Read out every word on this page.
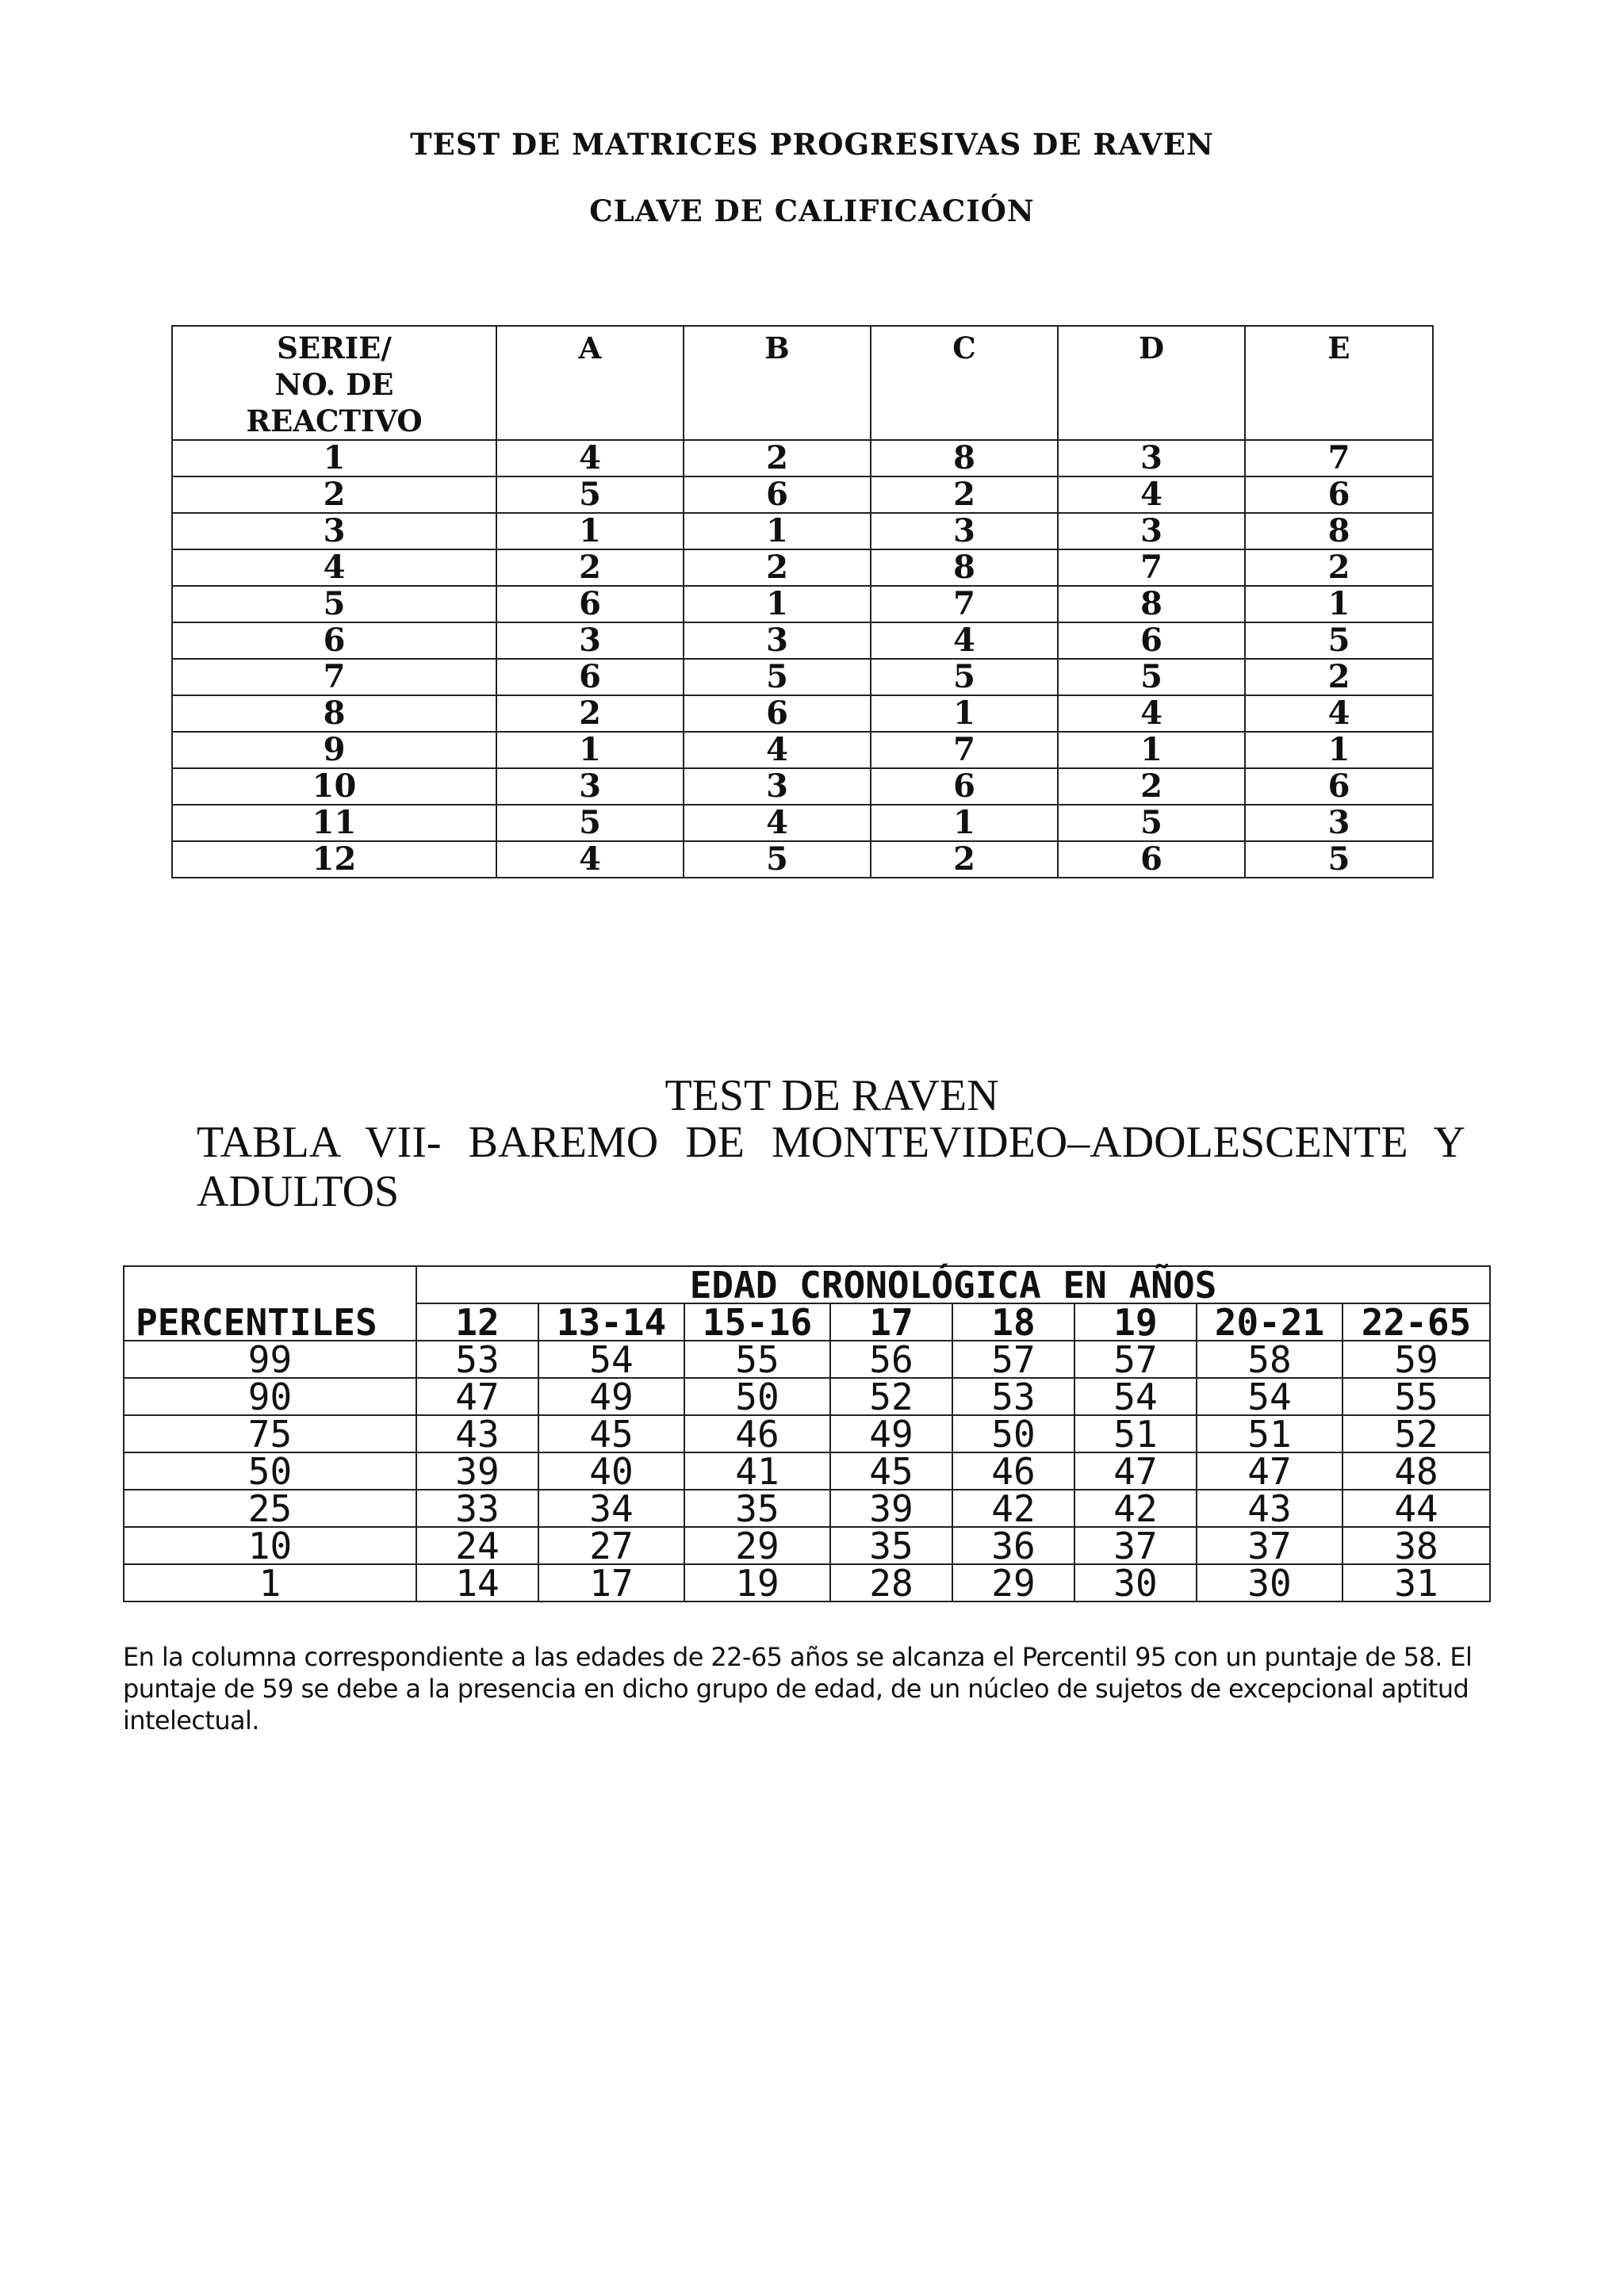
TEST DE MATRICES PROGRESIVAS DE RAVEN
CLAVE DE CALIFICACIÓN
SERIE/
NO. DE
REACTIVO	A	B	C	D	E
1	4	2	8	3	7
2	5	6	2	4	6
3	1	1	3	3	8
4	2	2	8	7	2
5	6	1	7	8	1
6	3	3	4	6	5
7	6	5	5	5	2
8	2	6	1	4	4
9	1	4	7	1	1
10	3	3	6	2	6
11	5	4	1	5	3
12	4	5	2	6	5
TEST DE RAVEN
TABLA VII- BAREMO DE MONTEVIDEO–ADOLESCENTE Y ADULTOS
PERCENTILES	EDAD CRONOLÓGICA EN AÑOS							
	12	13-14	15-16	17	18	19	20-21	22-65
99	53	54	55	56	57	57	58	59
90	47	49	50	52	53	54	54	55
75	43	45	46	49	50	51	51	52
50	39	40	41	45	46	47	47	48
25	33	34	35	39	42	42	43	44
10	24	27	29	35	36	37	37	38
1	14	17	19	28	29	30	30	31
En la columna correspondiente a las edades de 22-65 años se alcanza el Percentil 95 con un puntaje de 58. El puntaje de 59 se debe a la presencia en dicho grupo de edad, de un núcleo de sujetos de excepcional aptitud intelectual.
